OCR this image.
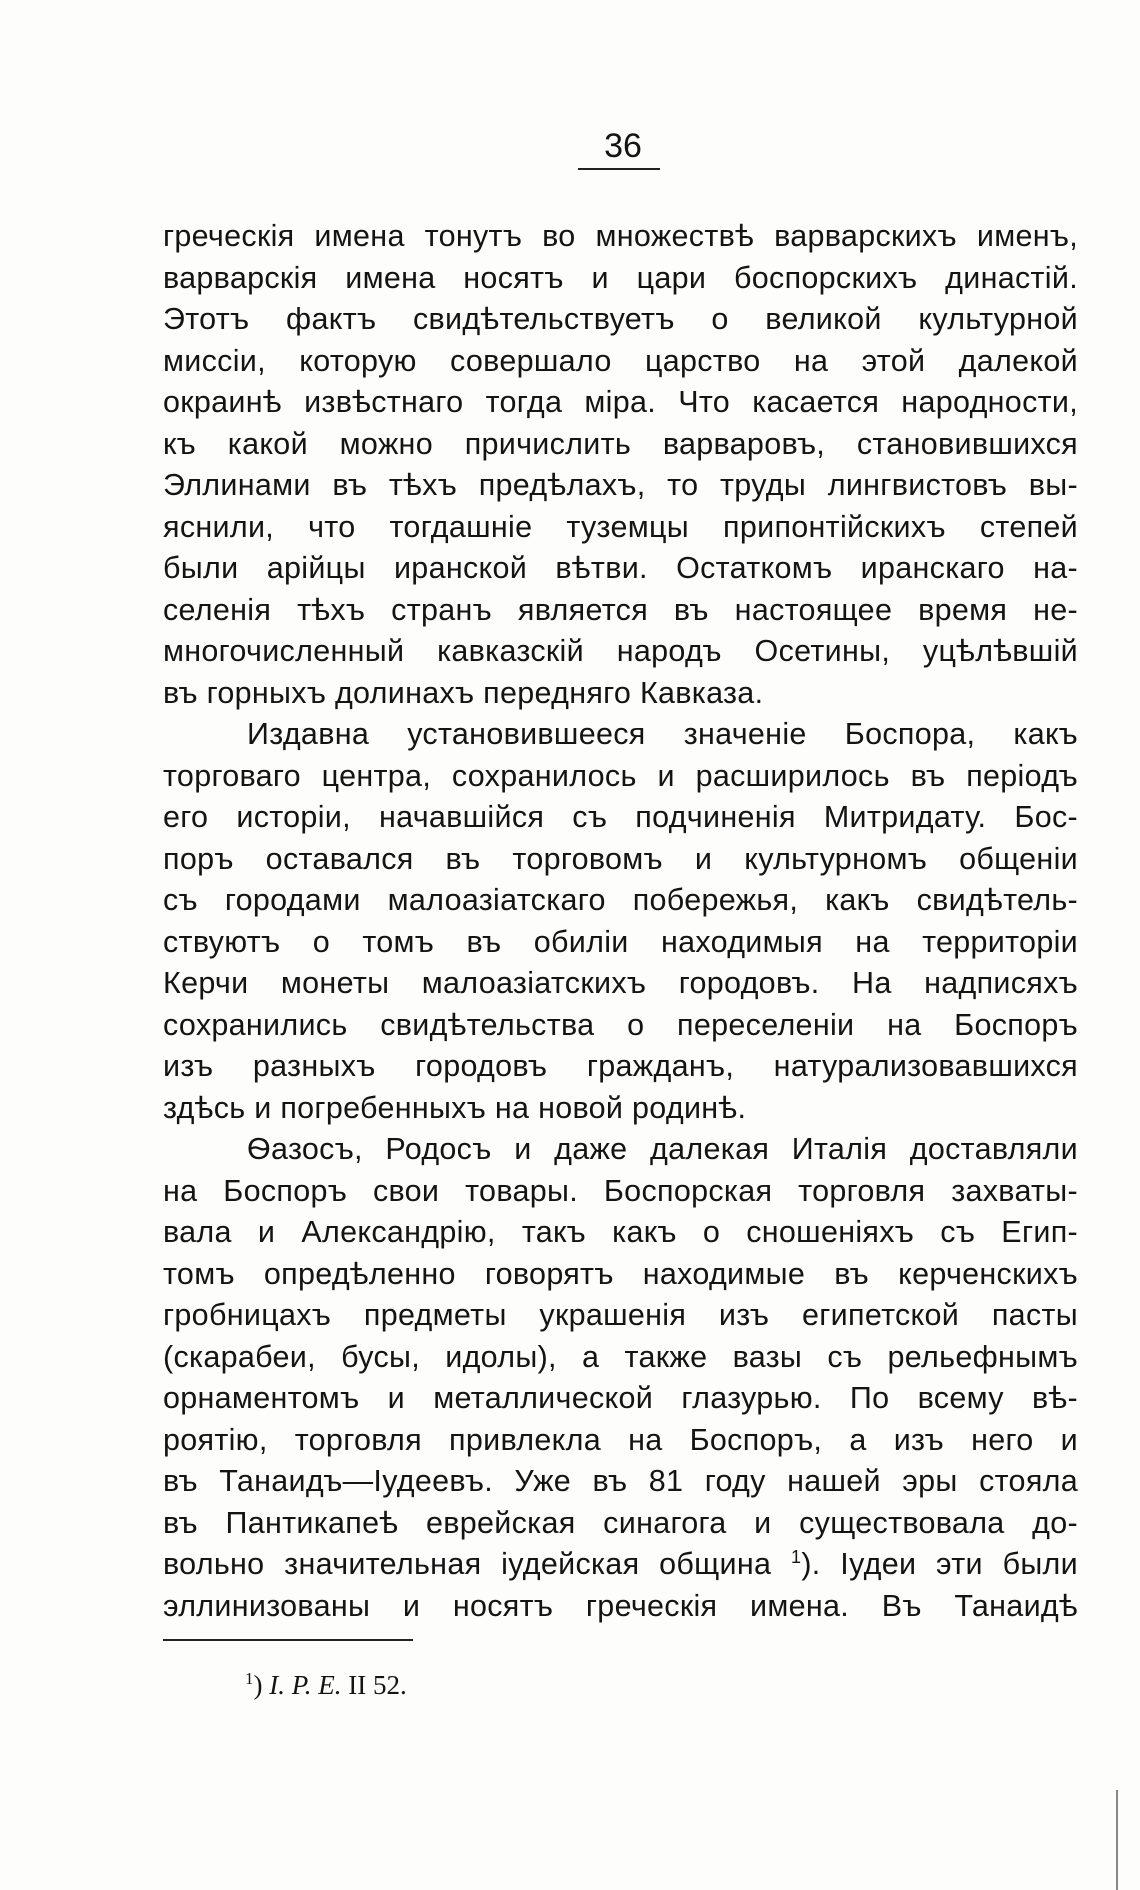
36
греческія имена тонутъ во множествѣ варварскихъ именъ,
варварскія имена носятъ и цари боспорскихъ династій.
Этотъ фактъ свидѣтельствуетъ о великой культурной
миссіи, которую совершало царство на этой далекой
окраинѣ извѣстнаго тогда міра. Что касается народности,
къ какой можно причислить варваровъ, становившихся
Эллинами въ тѣхъ предѣлахъ, то труды лингвистовъ вы-
яснили, что тогдашніе туземцы припонтійскихъ степей
были арійцы иранской вѣтви. Остаткомъ иранскаго на-
селенія тѣхъ странъ является въ настоящее время не-
многочисленный кавказскій народъ Осетины, уцѣлѣвшій
въ горныхъ долинахъ передняго Кавказа.
Издавна установившееся значеніе Боспора, какъ
торговаго центра, сохранилось и расширилось въ періодъ
его исторіи, начавшійся съ подчиненія Митридату. Бос-
поръ оставался въ торговомъ и культурномъ общеніи
съ городами малоазіатскаго побережья, какъ свидѣтель-
ствуютъ о томъ въ обиліи находимыя на территоріи
Керчи монеты малоазіатскихъ городовъ. На надписяхъ
сохранились свидѣтельства о переселеніи на Боспоръ
изъ разныхъ городовъ гражданъ, натурализовавшихся
здѣсь и погребенныхъ на новой родинѣ.
Ѳазосъ, Родосъ и даже далекая Италія доставляли
на Боспоръ свои товары. Боспорская торговля захваты-
вала и Александрію, такъ какъ о сношеніяхъ съ Егип-
томъ опредѣленно говорятъ находимые въ керченскихъ
гробницахъ предметы украшенія изъ египетской пасты
(скарабеи, бусы, идолы), а также вазы съ рельефнымъ
орнаментомъ и металлической глазурью. По всему вѣ-
роятію, торговля привлекла на Боспоръ, а изъ него и
въ Танаидъ—Іудеевъ. Уже въ 81 году нашей эры стояла
въ Пантикапеѣ еврейская синагога и существовала до-
вольно значительная іудейская община $^1$). Іудеи эти были
эллинизованы и носятъ греческія имена. Въ Танаидѣ
$^1$) I. P. E. II 52.
